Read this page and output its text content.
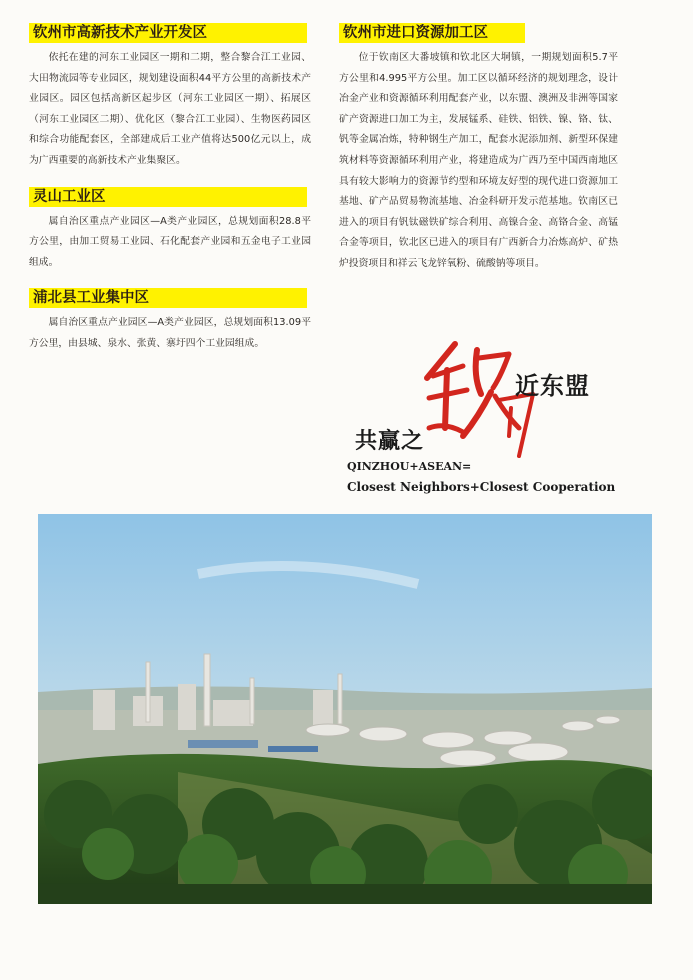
钦州市高新技术产业开发区

依托在建的河东工业园区一期和二期，整合黎合江工业园、大田物流园等专业园区，规划建设面积44平方公里的高新技术产业园区。园区包括高新区起步区（河东工业园区一期）、拓展区（河东工业园区二期）、优化区（黎合江工业园）、生物医药园区和综合功能配套区，全部建成后工业产值将达500亿元以上，成为广西重要的高新技术产业集聚区。

灵山工业区

属自治区重点产业园区—A类产业园区，总规划面积28.8平方公里，由加工贸易工业园、石化配套产业园和五金电子工业园组成。

浦北县工业集中区

属自治区重点产业园区—A类产业园区，总规划面积13.09平方公里，由县城、泉水、张黄、寨圩四个工业园组成。

钦州市进口资源加工区

位于钦南区大番坡镇和钦北区大垌镇，一期规划面积5.7平方公里和4.995平方公里。加工区以循环经济的规划理念，设计冶金产业和资源循环利用配套产业，以东盟、澳洲及非洲等国家矿产资源进口加工为主，发展锰系、硅铁、铝铁、镍、铬、钛、钒等金属冶炼，特种钢生产加工，配套水泥添加剂、新型环保建筑材料等资源循环利用产业，将建造成为广西乃至中国西南地区具有较大影响力的资源节约型和环境友好型的现代进口资源加工基地、矿产品贸易物流基地、冶金科研开发示范基地。钦南区已进入的项目有钒钛磁铁矿综合利用、高镍合金、高铬合金、高锰合金等项目，钦北区已进入的项目有广西新合力冶炼高炉、矿热炉投资项目和祥云飞龙锌氧粉、硫酸钠等项目。

近东盟
共赢之
QINZHOU+ASEAN=
Closest Neighbors+Closest Cooperation
